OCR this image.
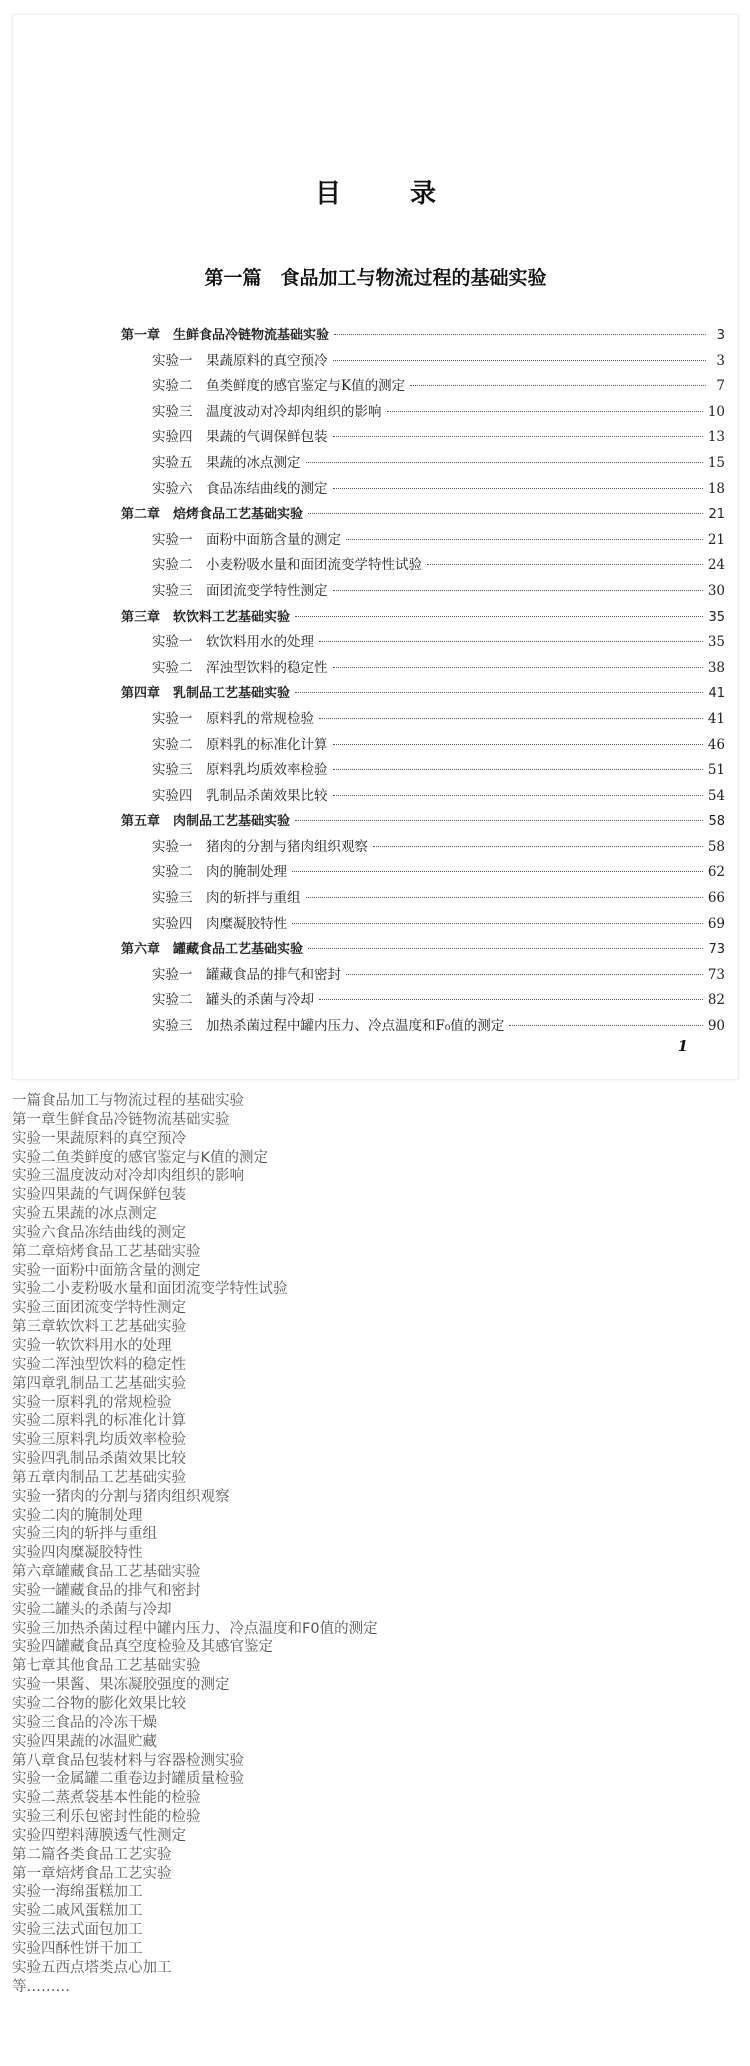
目 录
第一篇　食品加工与物流过程的基础实验
第一章　生鲜食品冷链物流基础实验	3
实验一　果蔬原料的真空预冷	3
实验二　鱼类鲜度的感官鉴定与K值的测定	7
实验三　温度波动对冷却肉组织的影响	10
实验四　果蔬的气调保鲜包装	13
实验五　果蔬的冰点测定	15
实验六　食品冻结曲线的测定	18
第二章　焙烤食品工艺基础实验	21
实验一　面粉中面筋含量的测定	21
实验二　小麦粉吸水量和面团流变学特性试验	24
实验三　面团流变学特性测定	30
第三章　软饮料工艺基础实验	35
实验一　软饮料用水的处理	35
实验二　浑浊型饮料的稳定性	38
第四章　乳制品工艺基础实验	41
实验一　原料乳的常规检验	41
实验二　原料乳的标准化计算	46
实验三　原料乳均质效率检验	51
实验四　乳制品杀菌效果比较	54
第五章　肉制品工艺基础实验	58
实验一　猪肉的分割与猪肉组织观察	58
实验二　肉的腌制处理	62
实验三　肉的斩拌与重组	66
实验四　肉糜凝胶特性	69
第六章　罐藏食品工艺基础实验	73
实验一　罐藏食品的排气和密封	73
实验二　罐头的杀菌与冷却	82
实验三　加热杀菌过程中罐内压力、冷点温度和F₀值的测定	90
1
一篇食品加工与物流过程的基础实验
第一章生鲜食品冷链物流基础实验
实验一果蔬原料的真空预冷
实验二鱼类鲜度的感官鉴定与K值的测定
实验三温度波动对冷却肉组织的影响
实验四果蔬的气调保鲜包装
实验五果蔬的冰点测定
实验六食品冻结曲线的测定
第二章焙烤食品工艺基础实验
实验一面粉中面筋含量的测定
实验二小麦粉吸水量和面团流变学特性试验
实验三面团流变学特性测定
第三章软饮料工艺基础实验
实验一软饮料用水的处理
实验二浑浊型饮料的稳定性
第四章乳制品工艺基础实验
实验一原料乳的常规检验
实验二原料乳的标准化计算
实验三原料乳均质效率检验
实验四乳制品杀菌效果比较
第五章肉制品工艺基础实验
实验一猪肉的分割与猪肉组织观察
实验二肉的腌制处理
实验三肉的斩拌与重组
实验四肉糜凝胶特性
第六章罐藏食品工艺基础实验
实验一罐藏食品的排气和密封
实验二罐头的杀菌与冷却
实验三加热杀菌过程中罐内压力、冷点温度和F0值的测定
实验四罐藏食品真空度检验及其感官鉴定
第七章其他食品工艺基础实验
实验一果酱、果冻凝胶强度的测定
实验二谷物的膨化效果比较
实验三食品的冷冻干燥
实验四果蔬的冰温贮藏
第八章食品包装材料与容器检测实验
实验一金属罐二重卷边封罐质量检验
实验二蒸煮袋基本性能的检验
实验三利乐包密封性能的检验
实验四塑料薄膜透气性测定
第二篇各类食品工艺实验
第一章焙烤食品工艺实验
实验一海绵蛋糕加工
实验二戚风蛋糕加工
实验三法式面包加工
实验四酥性饼干加工
实验五西点塔类点心加工
等………
